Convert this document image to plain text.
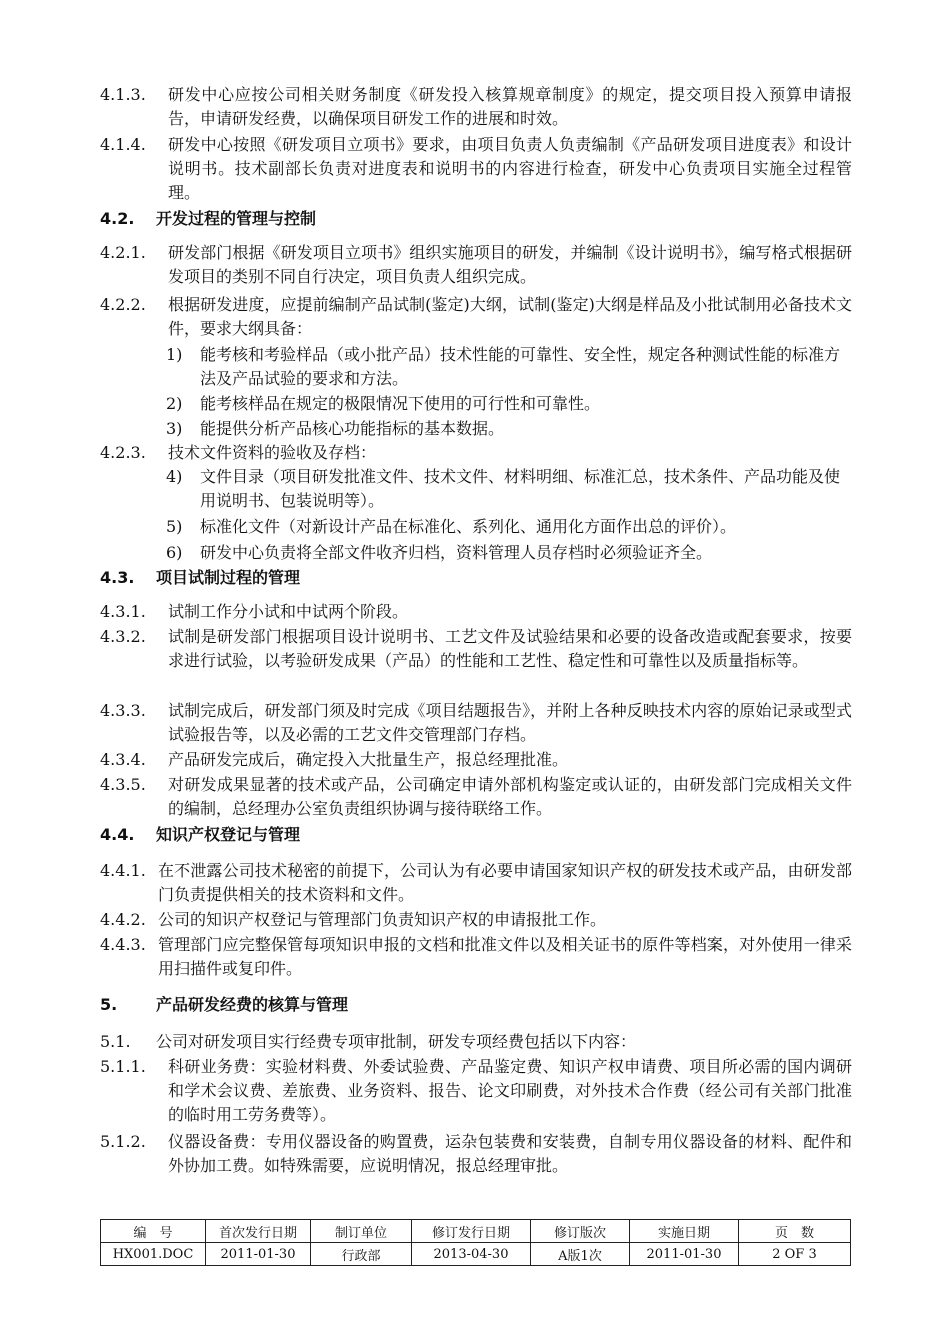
4.1.3. 研发中心应按公司相关财务制度《研发投入核算规章制度》的规定，提交项目投入预算申请报告，申请研发经费，以确保项目研发工作的进展和时效。
4.1.4. 研发中心按照《研发项目立项书》要求，由项目负责人负责编制《产品研发项目进度表》和设计说明书。技术副部长负责对进度表和说明书的内容进行检查，研发中心负责项目实施全过程管理。
4.2. 开发过程的管理与控制
4.2.1. 研发部门根据《研发项目立项书》组织实施项目的研发，并编制《设计说明书》，编写格式根据研发项目的类别不同自行决定，项目负责人组织完成。
4.2.2. 根据研发进度，应提前编制产品试制(鉴定)大纲，试制(鉴定)大纲是样品及小批试制用必备技术文件，要求大纲具备：
1) 能考核和考验样品（或小批产品）技术性能的可靠性、安全性，规定各种测试性能的标准方法及产品试验的要求和方法。
2) 能考核样品在规定的极限情况下使用的可行性和可靠性。
3) 能提供分析产品核心功能指标的基本数据。
4.2.3. 技术文件资料的验收及存档：
4) 文件目录（项目研发批准文件、技术文件、材料明细、标准汇总，技术条件、产品功能及使用说明书、包装说明等）。
5) 标准化文件（对新设计产品在标准化、系列化、通用化方面作出总的评价）。
6) 研发中心负责将全部文件收齐归档，资料管理人员存档时必须验证齐全。
4.3. 项目试制过程的管理
4.3.1. 试制工作分小试和中试两个阶段。
4.3.2. 试制是研发部门根据项目设计说明书、工艺文件及试验结果和必要的设备改造或配套要求，按要求进行试验，以考验研发成果（产品）的性能和工艺性、稳定性和可靠性以及质量指标等。
4.3.3. 试制完成后，研发部门须及时完成《项目结题报告》，并附上各种反映技术内容的原始记录或型式试验报告等，以及必需的工艺文件交管理部门存档。
4.3.4. 产品研发完成后，确定投入大批量生产，报总经理批准。
4.3.5. 对研发成果显著的技术或产品，公司确定申请外部机构鉴定或认证的，由研发部门完成相关文件的编制，总经理办公室负责组织协调与接待联络工作。
4.4. 知识产权登记与管理
4.4.1. 在不泄露公司技术秘密的前提下，公司认为有必要申请国家知识产权的研发技术或产品，由研发部门负责提供相关的技术资料和文件。
4.4.2. 公司的知识产权登记与管理部门负责知识产权的申请报批工作。
4.4.3. 管理部门应完整保管每项知识申报的文档和批准文件以及相关证书的原件等档案，对外使用一律采用扫描件或复印件。
5. 产品研发经费的核算与管理
5.1. 公司对研发项目实行经费专项审批制，研发专项经费包括以下内容：
5.1.1. 科研业务费：实验材料费、外委试验费、产品鉴定费、知识产权申请费、项目所必需的国内调研和学术会议费、差旅费、业务资料、报告、论文印刷费，对外技术合作费（经公司有关部门批准的临时用工劳务费等）。
5.1.2. 仪器设备费：专用仪器设备的购置费，运杂包装费和安装费，自制专用仪器设备的材料、配件和外协加工费。如特殊需要，应说明情况，报总经理审批。
编　号	首次发行日期	制订单位	修订发行日期	修订版次	实施日期	页　数
HX001.DOC	2011-01-30	行政部	2013-04-30	A版1次	2011-01-30	2 OF 3
